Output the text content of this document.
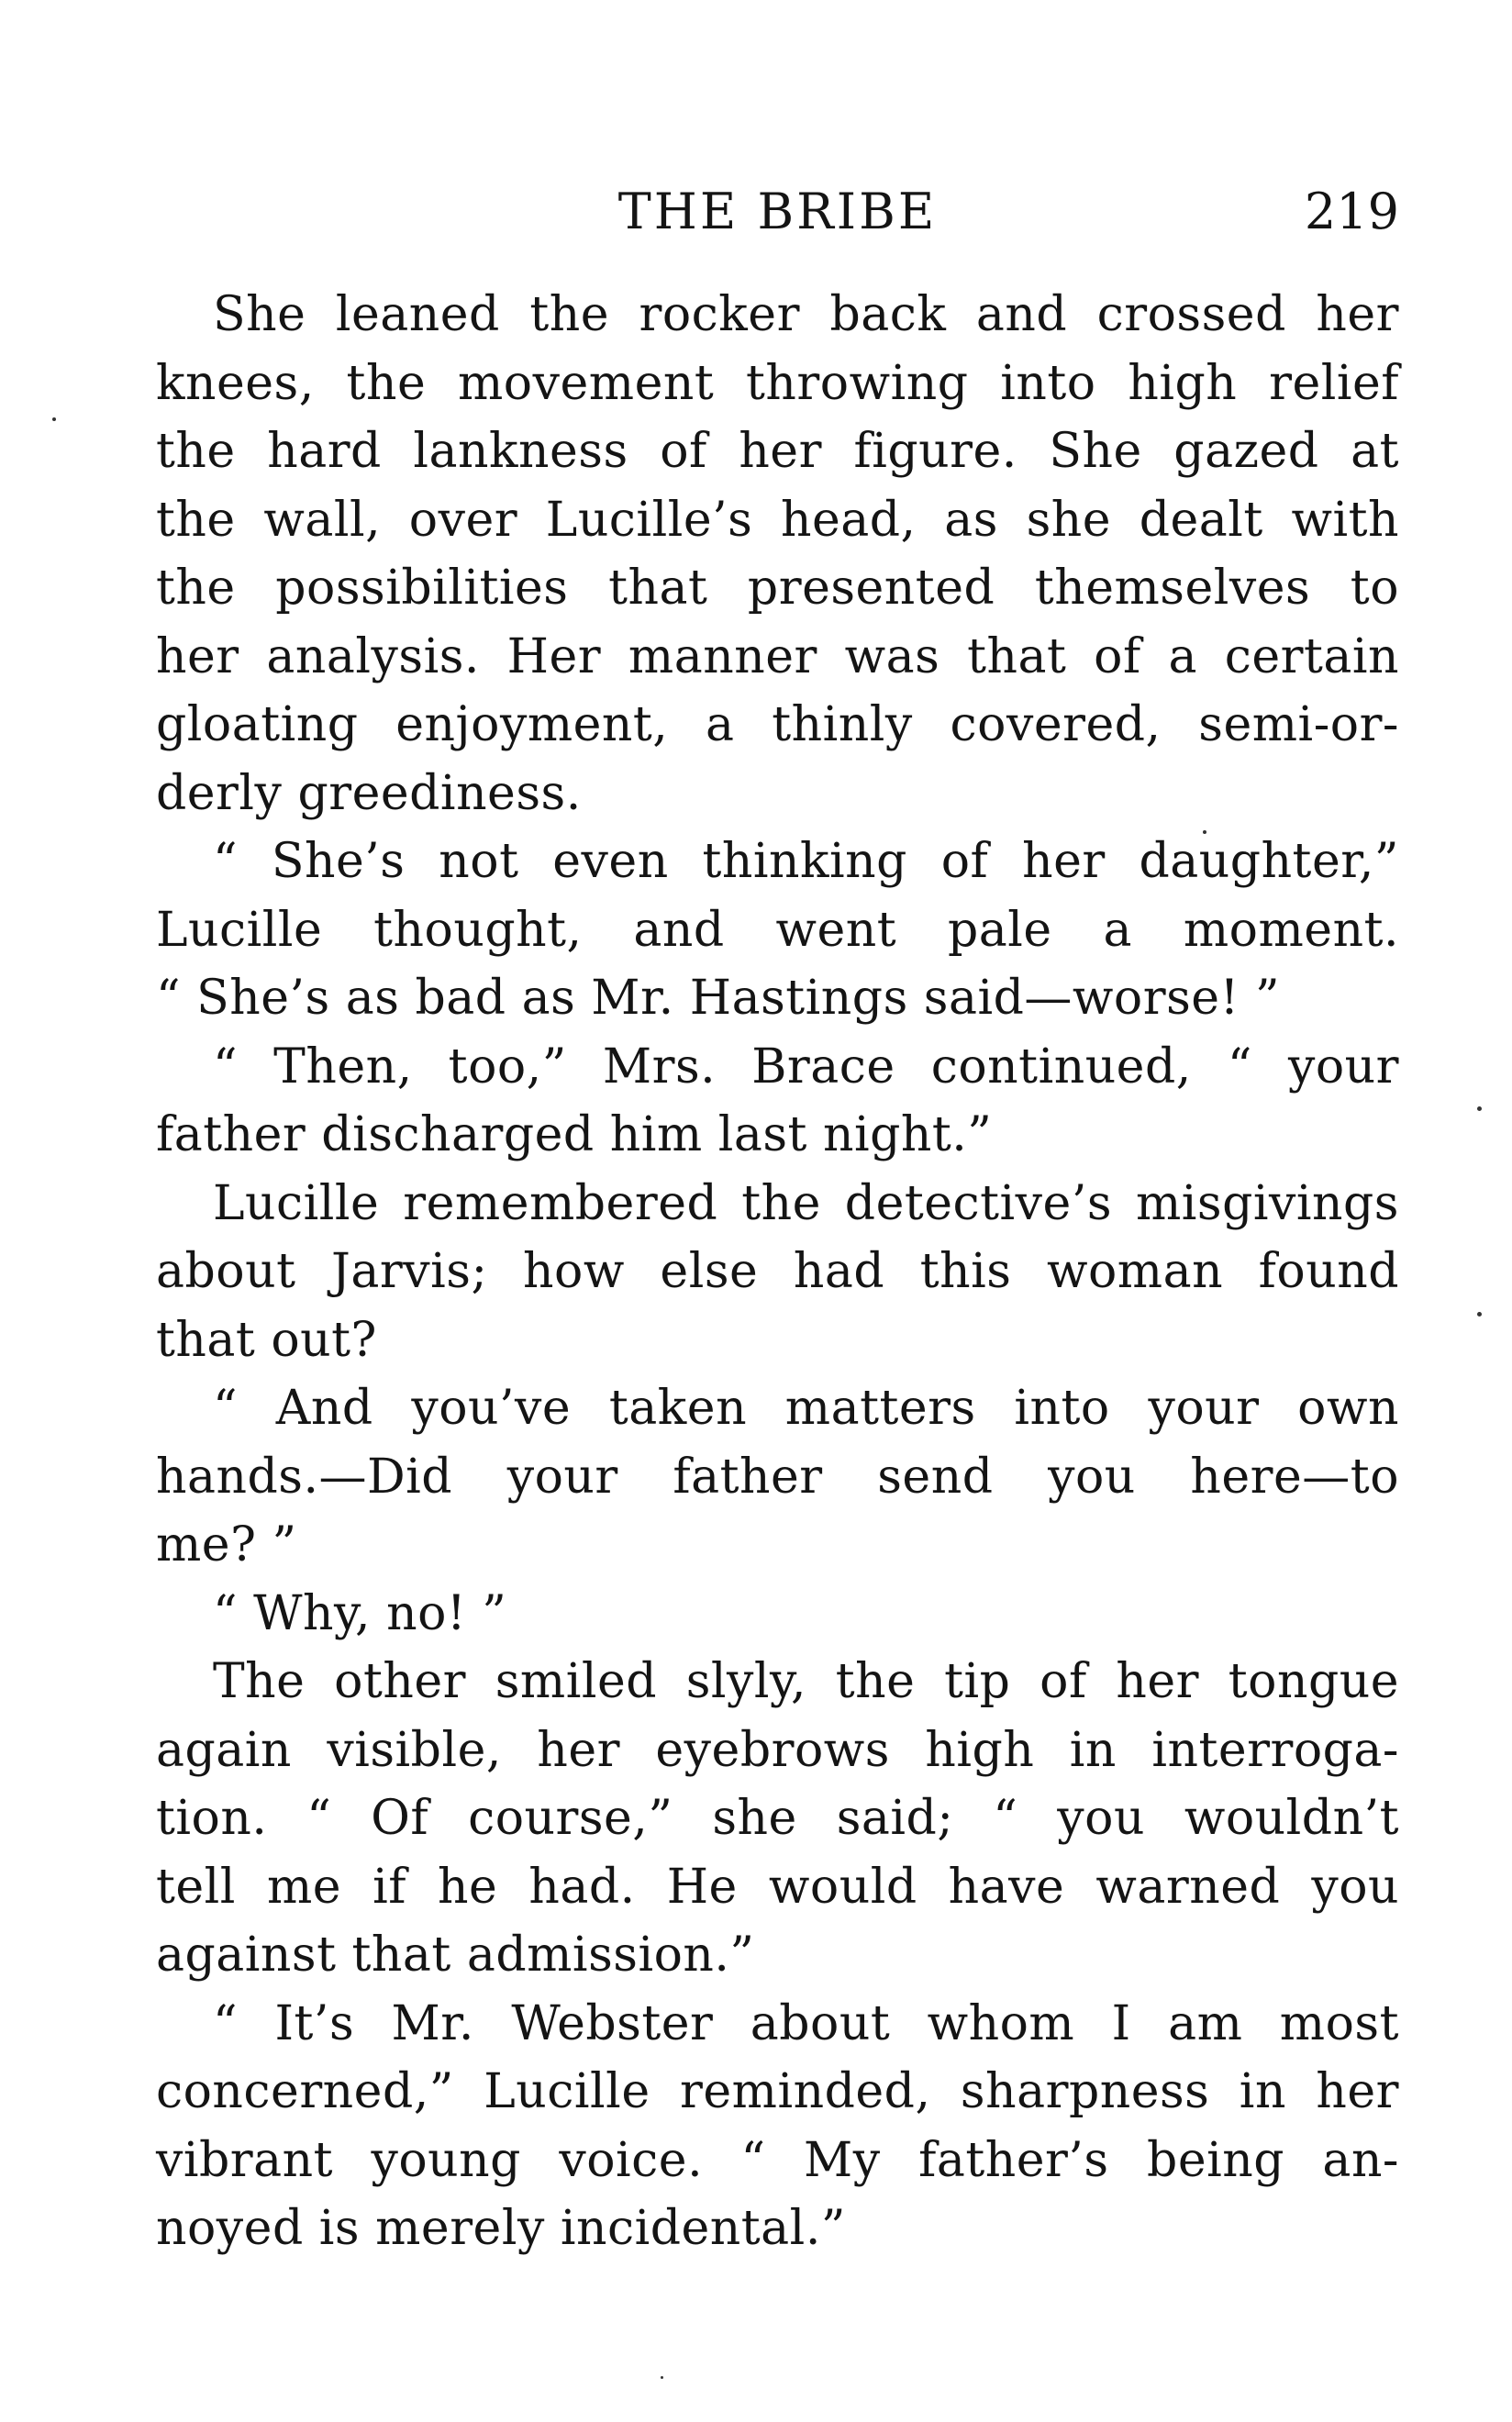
THE BRIBE	219
She leaned the rocker back and crossed her
knees, the movement throwing into high relief
the hard lankness of her figure. She gazed at
the wall, over Lucille’s head, as she dealt with
the possibilities that presented themselves to
her analysis. Her manner was that of a certain
gloating enjoyment, a thinly covered, semi-or-
derly greediness.
“ She’s not even thinking of her daughter,”
Lucille thought, and went pale a moment.
“ She’s as bad as Mr. Hastings said—worse! ”
“ Then, too,” Mrs. Brace continued, “ your
father discharged him last night.”
Lucille remembered the detective’s misgivings
about Jarvis; how else had this woman found
that out?
“ And you’ve taken matters into your own
hands.—Did your father send you here—to
me? ”
“ Why, no! ”
The other smiled slyly, the tip of her tongue
again visible, her eyebrows high in interroga-
tion. “ Of course,” she said; “ you wouldn’t
tell me if he had. He would have warned you
against that admission.”
“ It’s Mr. Webster about whom I am most
concerned,” Lucille reminded, sharpness in her
vibrant young voice. “ My father’s being an-
noyed is merely incidental.”
